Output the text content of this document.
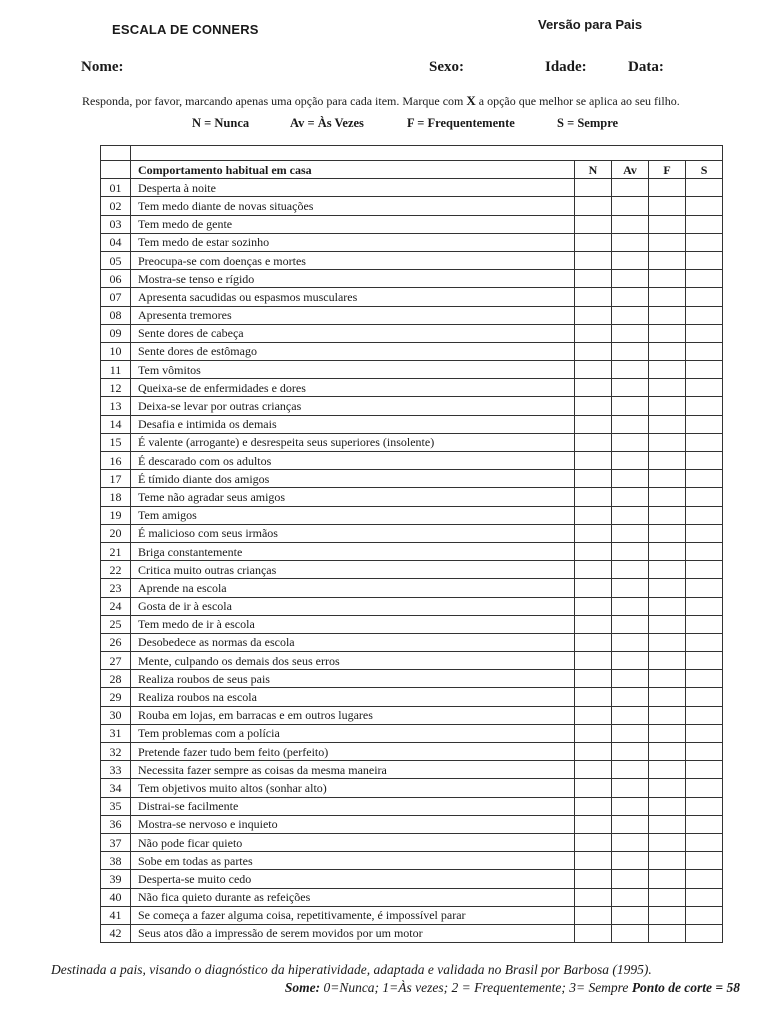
ESCALA DE CONNERS	Versão para Pais
Nome:	Sexo:	Idade:	Data:
Responda, por favor, marcando apenas uma opção para cada item. Marque com X a opção que melhor se aplica ao seu filho.
N = Nunca	Av = Às Vezes	F = Frequentemente	S = Sempre

	Comportamento habitual em casa	N	Av	F	S
01	Desperta à noite				
02	Tem medo diante de novas situações				
03	Tem medo de gente				
04	Tem medo de estar sozinho				
05	Preocupa-se com doenças e mortes				
06	Mostra-se tenso e rígido				
07	Apresenta sacudidas ou espasmos musculares				
08	Apresenta tremores				
09	Sente dores de cabeça				
10	Sente dores de estômago				
11	Tem vômitos				
12	Queixa-se de enfermidades e dores				
13	Deixa-se levar por outras crianças				
14	Desafia e intimida os demais				
15	É valente (arrogante) e desrespeita seus superiores (insolente)				
16	É descarado com os adultos				
17	É tímido diante dos amigos				
18	Teme não agradar seus amigos				
19	Tem amigos				
20	É malicioso com seus irmãos				
21	Briga constantemente				
22	Critica muito outras crianças				
23	Aprende na escola				
24	Gosta de ir à escola				
25	Tem medo de ir à escola				
26	Desobedece as normas da escola				
27	Mente, culpando os demais dos seus erros				
28	Realiza roubos de seus pais				
29	Realiza roubos na escola				
30	Rouba em lojas, em barracas e em outros lugares				
31	Tem problemas com a polícia				
32	Pretende fazer tudo bem feito (perfeito)				
33	Necessita fazer sempre as coisas da mesma maneira				
34	Tem objetivos muito altos (sonhar alto)				
35	Distrai-se facilmente				
36	Mostra-se nervoso e inquieto				
37	Não pode ficar quieto				
38	Sobe em todas as partes				
39	Desperta-se muito cedo				
40	Não fica quieto durante as refeições				
41	Se começa a fazer alguma coisa, repetitivamente, é impossível parar				
42	Seus atos dão a impressão de serem movidos por um motor				
Destinada a pais, visando o diagnóstico da hiperatividade, adaptada e validada no Brasil por Barbosa (1995).
Some: 0=Nunca; 1=Às vezes; 2 = Frequentemente; 3= Sempre Ponto de corte = 58
